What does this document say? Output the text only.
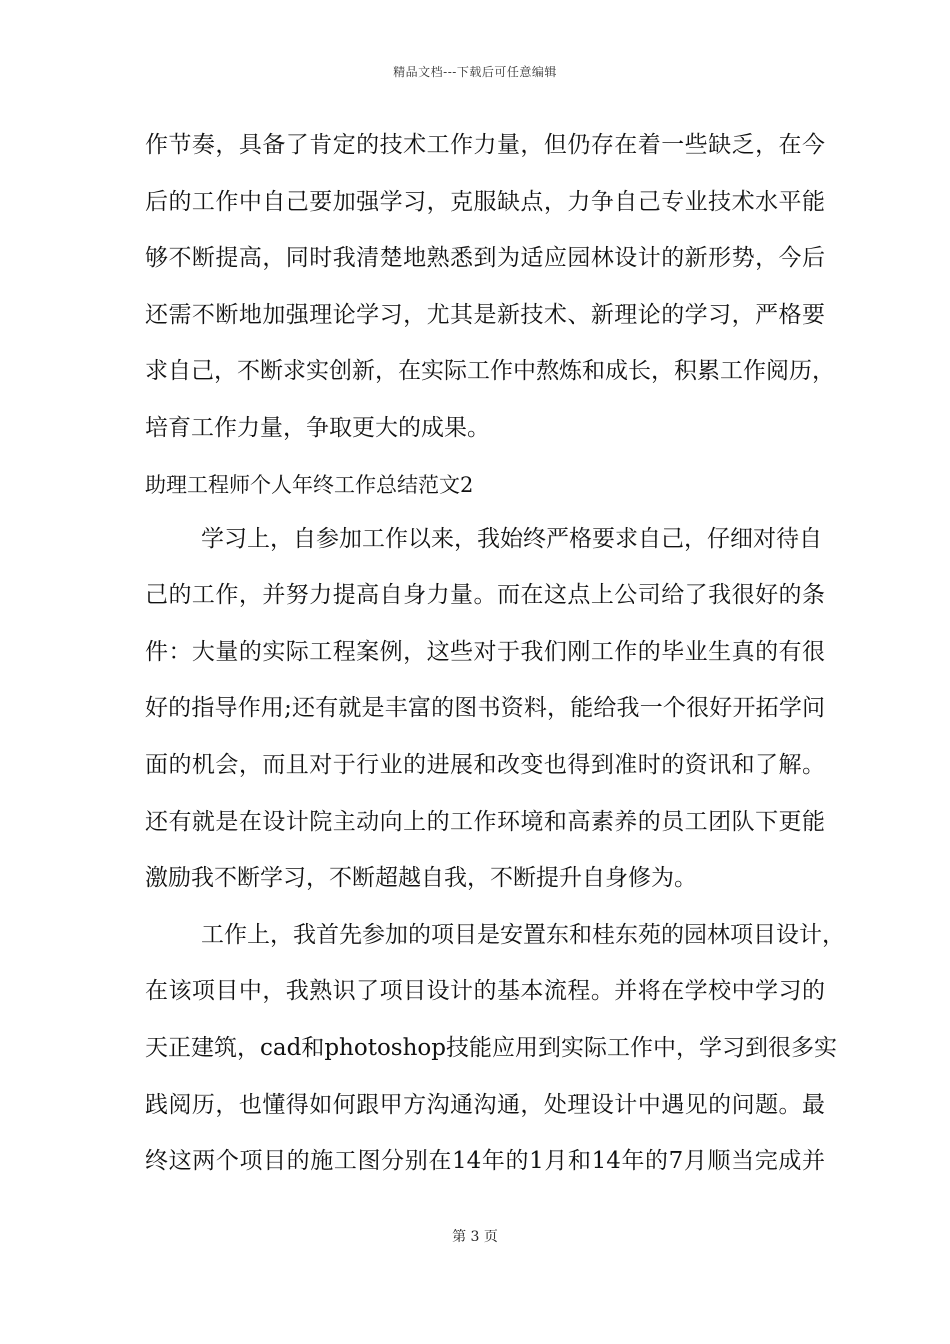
精品文档---下载后可任意编辑
作节奏，具备了肯定的技术工作力量，但仍存在着一些缺乏，在今
后的工作中自己要加强学习，克服缺点，力争自己专业技术水平能
够不断提高，同时我清楚地熟悉到为适应园林设计的新形势，今后
还需不断地加强理论学习，尤其是新技术、新理论的学习，严格要
求自己，不断求实创新，在实际工作中熬炼和成长，积累工作阅历，
培育工作力量，争取更大的成果。
助理工程师个人年终工作总结范文2
学习上，自参加工作以来，我始终严格要求自己，仔细对待自
己的工作，并努力提高自身力量。而在这点上公司给了我很好的条
件：大量的实际工程案例，这些对于我们刚工作的毕业生真的有很
好的指导作用;还有就是丰富的图书资料，能给我一个很好开拓学问
面的机会，而且对于行业的进展和改变也得到准时的资讯和了解。
还有就是在设计院主动向上的工作环境和高素养的员工团队下更能
激励我不断学习，不断超越自我，不断提升自身修为。
工作上，我首先参加的项目是安置东和桂东苑的园林项目设计，
在该项目中，我熟识了项目设计的基本流程。并将在学校中学习的
天正建筑，cad和photoshop技能应用到实际工作中，学习到很多实
践阅历，也懂得如何跟甲方沟通沟通，处理设计中遇见的问题。最
终这两个项目的施工图分别在14年的1月和14年的7月顺当完成并
第 3 页
